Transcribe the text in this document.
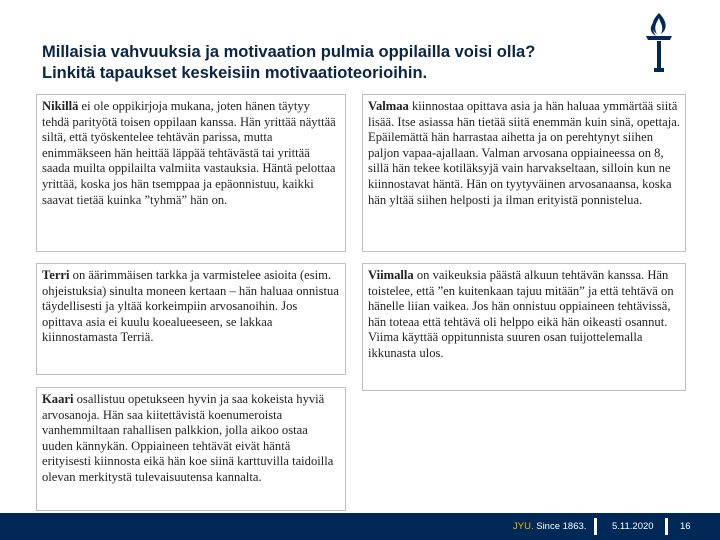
Millaisia vahvuuksia ja motivaation pulmia oppilailla voisi olla?
Linkitä tapaukset keskeisiin motivaatioteorioihin.
Nikillä ei ole oppikirjoja mukana, joten hänen täytyy tehdä parityötä toisen oppilaan kanssa. Hän yrittää näyttää siltä, että työskentelee tehtävän parissa, mutta enimmäkseen hän heittää läppää tehtävästä tai yrittää saada muilta oppilailta valmiita vastauksia. Häntä pelottaa yrittää, koska jos hän tsemppaa ja epäonnistuu, kaikki saavat tietää kuinka ”tyhmä” hän on.
Valmaa kiinnostaa opittava asia ja hän haluaa ymmärtää siitä lisää. Itse asiassa hän tietää siitä enemmän kuin sinä, opettaja. Epäilemättä hän harrastaa aihetta ja on perehtynyt siihen paljon vapaa-ajallaan. Valman arvosana oppiaineessa on 8, sillä hän tekee kotiläksyjä vain harvakseltaan, silloin kun ne kiinnostavat häntä. Hän on tyytyväinen arvosanaansa, koska hän yltää siihen helposti ja ilman erityistä ponnistelua.
Terri on äärimmäisen tarkka ja varmistelee asioita (esim. ohjeistuksia) sinulta moneen kertaan – hän haluaa onnistua täydellisesti ja yltää korkeimpiin arvosanoihin. Jos opittava asia ei kuulu koealueeseen, se lakkaa kiinnostamasta Terriä.
Viimalla on vaikeuksia päästä alkuun tehtävän kanssa. Hän toistelee, että ”en kuitenkaan tajuu mitään” ja että tehtävä on hänelle liian vaikea. Jos hän onnistuu oppiaineen tehtävissä, hän toteaa että tehtävä oli helppo eikä hän oikeasti osannut. Viima käyttää oppitunnista suuren osan tuijottelemalla ikkunasta ulos.
Kaari osallistuu opetukseen hyvin ja saa kokeista hyviä arvosanoja. Hän saa kiitettävistä koenumeroista vanhemmiltaan rahallisen palkkion, jolla aikoo ostaa uuden kännykän. Oppiaineen tehtävät eivät häntä erityisesti kiinnosta eikä hän koe siinä karttuvilla taidoilla olevan merkitystä tulevaisuutensa kannalta.
JYU. Since 1863.	5.11.2020	16
